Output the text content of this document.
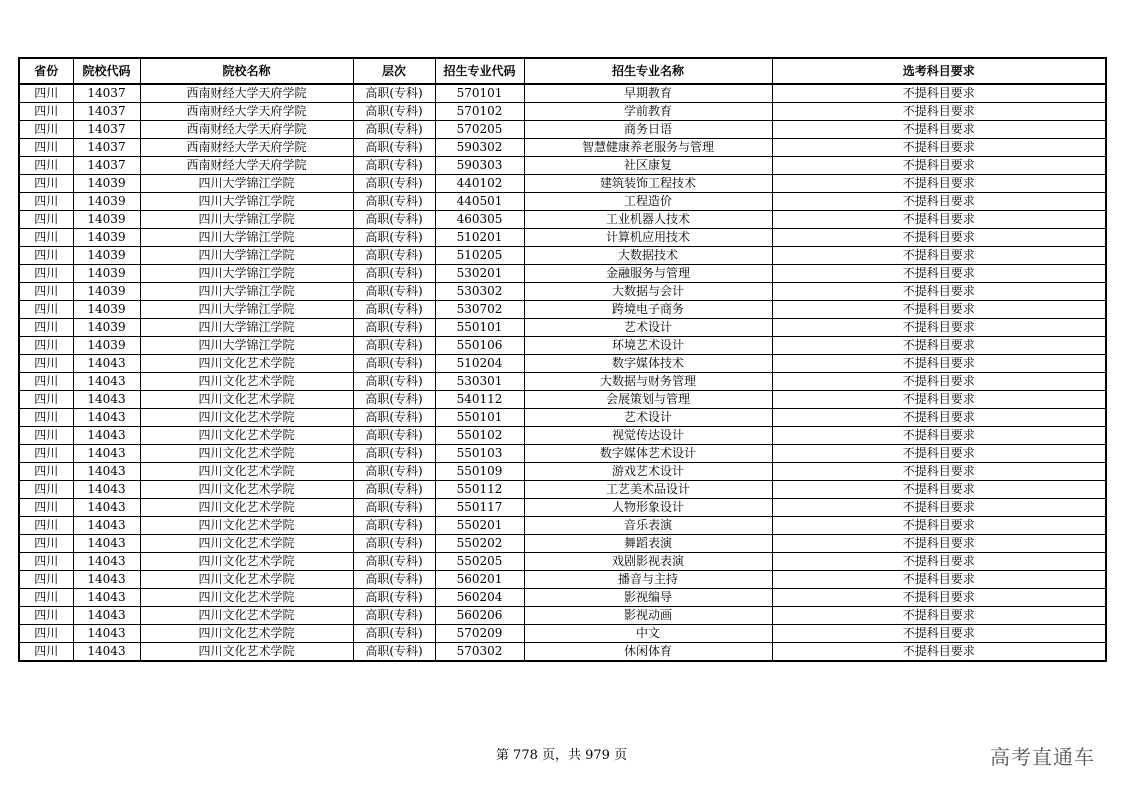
省份	院校代码	院校名称	层次	招生专业代码	招生专业名称	选考科目要求
四川	14037	西南财经大学天府学院	高职(专科)	570101	早期教育	不提科目要求
四川	14037	西南财经大学天府学院	高职(专科)	570102	学前教育	不提科目要求
四川	14037	西南财经大学天府学院	高职(专科)	570205	商务日语	不提科目要求
四川	14037	西南财经大学天府学院	高职(专科)	590302	智慧健康养老服务与管理	不提科目要求
四川	14037	西南财经大学天府学院	高职(专科)	590303	社区康复	不提科目要求
四川	14039	四川大学锦江学院	高职(专科)	440102	建筑装饰工程技术	不提科目要求
四川	14039	四川大学锦江学院	高职(专科)	440501	工程造价	不提科目要求
四川	14039	四川大学锦江学院	高职(专科)	460305	工业机器人技术	不提科目要求
四川	14039	四川大学锦江学院	高职(专科)	510201	计算机应用技术	不提科目要求
四川	14039	四川大学锦江学院	高职(专科)	510205	大数据技术	不提科目要求
四川	14039	四川大学锦江学院	高职(专科)	530201	金融服务与管理	不提科目要求
四川	14039	四川大学锦江学院	高职(专科)	530302	大数据与会计	不提科目要求
四川	14039	四川大学锦江学院	高职(专科)	530702	跨境电子商务	不提科目要求
四川	14039	四川大学锦江学院	高职(专科)	550101	艺术设计	不提科目要求
四川	14039	四川大学锦江学院	高职(专科)	550106	环境艺术设计	不提科目要求
四川	14043	四川文化艺术学院	高职(专科)	510204	数字媒体技术	不提科目要求
四川	14043	四川文化艺术学院	高职(专科)	530301	大数据与财务管理	不提科目要求
四川	14043	四川文化艺术学院	高职(专科)	540112	会展策划与管理	不提科目要求
四川	14043	四川文化艺术学院	高职(专科)	550101	艺术设计	不提科目要求
四川	14043	四川文化艺术学院	高职(专科)	550102	视觉传达设计	不提科目要求
四川	14043	四川文化艺术学院	高职(专科)	550103	数字媒体艺术设计	不提科目要求
四川	14043	四川文化艺术学院	高职(专科)	550109	游戏艺术设计	不提科目要求
四川	14043	四川文化艺术学院	高职(专科)	550112	工艺美术品设计	不提科目要求
四川	14043	四川文化艺术学院	高职(专科)	550117	人物形象设计	不提科目要求
四川	14043	四川文化艺术学院	高职(专科)	550201	音乐表演	不提科目要求
四川	14043	四川文化艺术学院	高职(专科)	550202	舞蹈表演	不提科目要求
四川	14043	四川文化艺术学院	高职(专科)	550205	戏剧影视表演	不提科目要求
四川	14043	四川文化艺术学院	高职(专科)	560201	播音与主持	不提科目要求
四川	14043	四川文化艺术学院	高职(专科)	560204	影视编导	不提科目要求
四川	14043	四川文化艺术学院	高职(专科)	560206	影视动画	不提科目要求
四川	14043	四川文化艺术学院	高职(专科)	570209	中文	不提科目要求
四川	14043	四川文化艺术学院	高职(专科)	570302	休闲体育	不提科目要求
第 778 页，共 979 页	高考直通车
